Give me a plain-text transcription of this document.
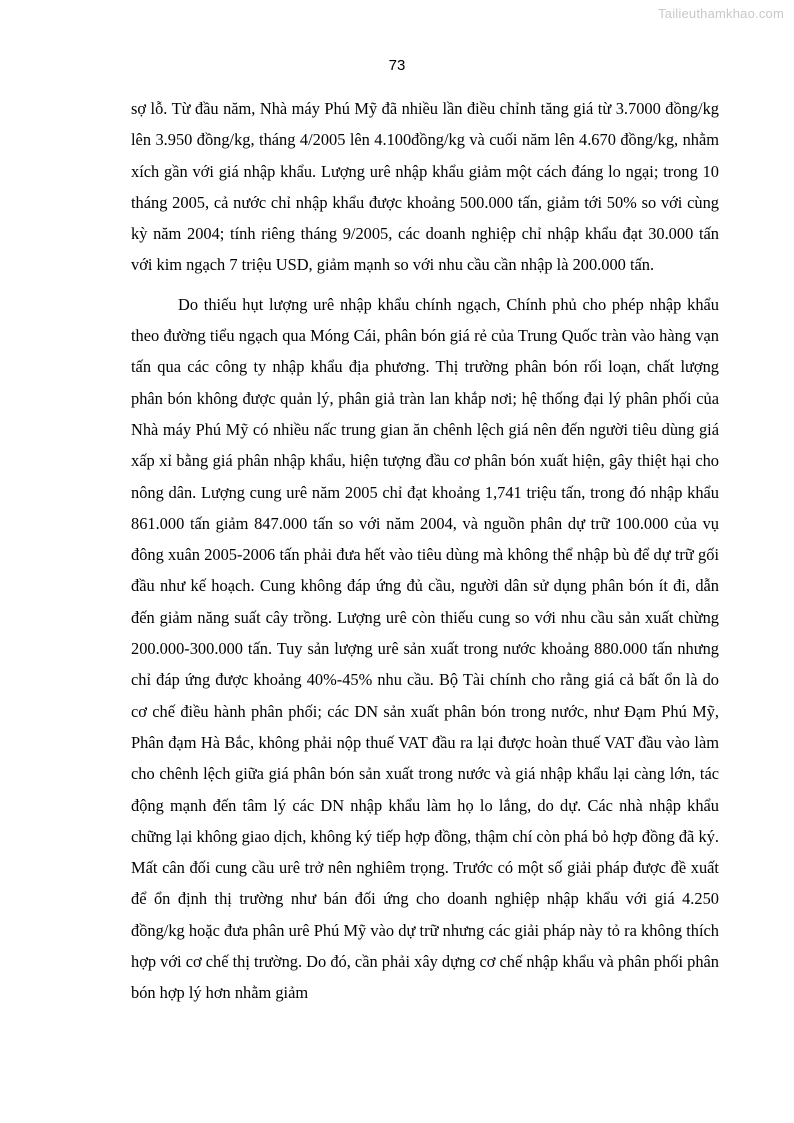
Tailieuthamkhao.com
73

sợ lỗ. Từ đầu năm, Nhà máy Phú Mỹ đã nhiều lần điều chỉnh tăng giá từ 3.7000 đồng/kg lên 3.950 đồng/kg, tháng 4/2005 lên 4.100đồng/kg và cuối năm lên 4.670 đồng/kg, nhằm xích gần với giá nhập khẩu. Lượng urê nhập khẩu giảm một cách đáng lo ngại; trong 10 tháng 2005, cả nước chỉ nhập khẩu được khoảng 500.000 tấn, giảm tới 50% so với cùng kỳ năm 2004; tính riêng tháng 9/2005, các doanh nghiệp chỉ nhập khẩu đạt 30.000 tấn với kim ngạch 7 triệu USD, giảm mạnh so với nhu cầu cần nhập là 200.000 tấn.

Do thiếu hụt lượng urê nhập khẩu chính ngạch, Chính phủ cho phép nhập khẩu theo đường tiểu ngạch qua Móng Cái, phân bón giá rẻ của Trung Quốc tràn vào hàng vạn tấn qua các công ty nhập khẩu địa phương. Thị trường phân bón rối loạn, chất lượng phân bón không được quản lý, phân giả tràn lan khắp nơi; hệ thống đại lý phân phối của Nhà máy Phú Mỹ có nhiều nấc trung gian ăn chênh lệch giá nên đến người tiêu dùng giá xấp xỉ bằng giá phân nhập khẩu, hiện tượng đầu cơ phân bón xuất hiện, gây thiệt hại cho nông dân. Lượng cung urê năm 2005 chỉ đạt khoảng 1,741 triệu tấn, trong đó nhập khẩu 861.000 tấn giảm 847.000 tấn so với năm 2004, và nguồn phân dự trữ 100.000 của vụ đông xuân 2005-2006 tấn phải đưa hết vào tiêu dùng mà không thể nhập bù để dự trữ gối đầu như kế hoạch. Cung không đáp ứng đủ cầu, người dân sử dụng phân bón ít đi, dẫn đến giảm năng suất cây trồng. Lượng urê còn thiếu cung so với nhu cầu sản xuất chừng 200.000-300.000 tấn. Tuy sản lượng urê sản xuất trong nước khoảng 880.000 tấn nhưng chỉ đáp ứng được khoảng 40%-45% nhu cầu. Bộ Tài chính cho rằng giá cả bất ổn là do cơ chế điều hành phân phối; các DN sản xuất phân bón trong nước, như Đạm Phú Mỹ, Phân đạm Hà Bắc, không phải nộp thuế VAT đầu ra lại được hoàn thuế VAT đầu vào làm cho chênh lệch giữa giá phân bón sản xuất trong nước và giá nhập khẩu lại càng lớn, tác động mạnh đến tâm lý các DN nhập khẩu làm họ lo lắng, do dự. Các nhà nhập khẩu chững lại không giao dịch, không ký tiếp hợp đồng, thậm chí còn phá bỏ hợp đồng đã ký. Mất cân đối cung cầu urê trở nên nghiêm trọng. Trước có một số giải pháp được đề xuất để ổn định thị trường như bán đối ứng cho doanh nghiệp nhập khẩu với giá 4.250 đồng/kg hoặc đưa phân urê Phú Mỹ vào dự trữ nhưng các giải pháp này tỏ ra không thích hợp với cơ chế thị trường. Do đó, cần phải xây dựng cơ chế nhập khẩu và phân phối phân bón hợp lý hơn nhằm giảm
